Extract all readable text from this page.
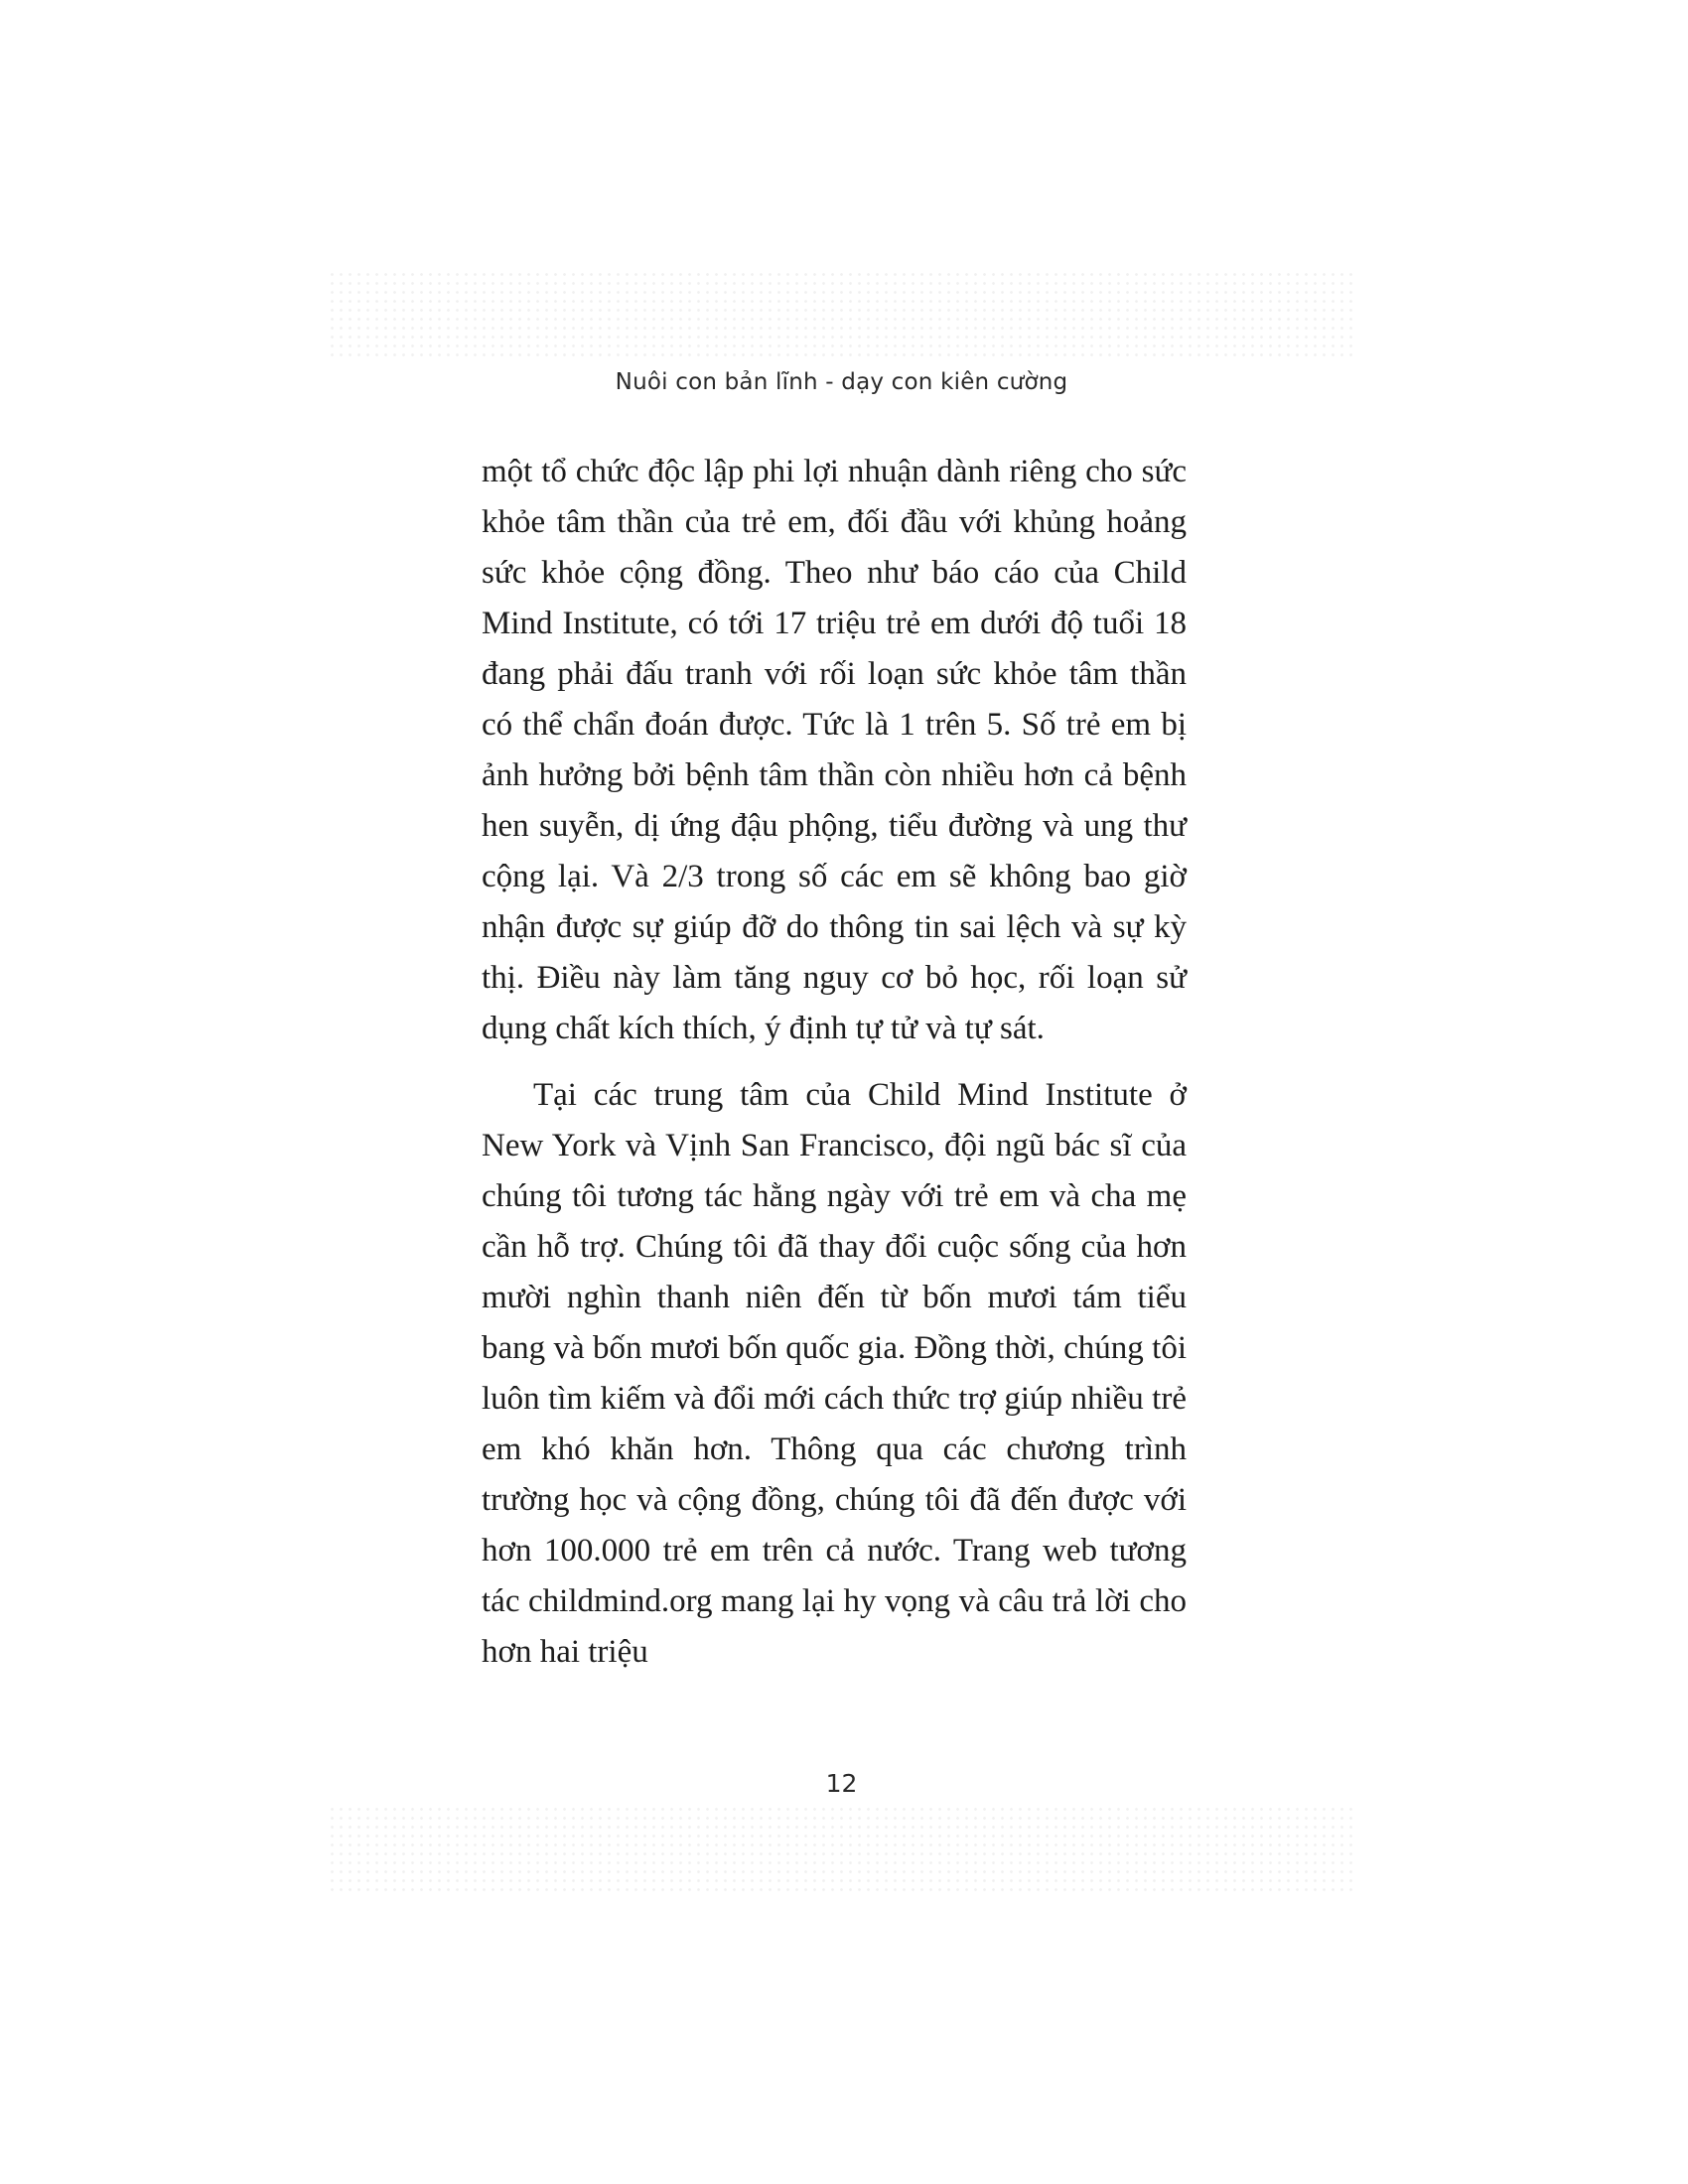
Nuôi con bản lĩnh - dạy con kiên cường

một tổ chức độc lập phi lợi nhuận dành riêng cho sức khỏe tâm thần của trẻ em, đối đầu với khủng hoảng sức khỏe cộng đồng. Theo như báo cáo của Child Mind Institute, có tới 17 triệu trẻ em dưới độ tuổi 18 đang phải đấu tranh với rối loạn sức khỏe tâm thần có thể chẩn đoán được. Tức là 1 trên 5. Số trẻ em bị ảnh hưởng bởi bệnh tâm thần còn nhiều hơn cả bệnh hen suyễn, dị ứng đậu phộng, tiểu đường và ung thư cộng lại. Và 2/3 trong số các em sẽ không bao giờ nhận được sự giúp đỡ do thông tin sai lệch và sự kỳ thị. Điều này làm tăng nguy cơ bỏ học, rối loạn sử dụng chất kích thích, ý định tự tử và tự sát.

Tại các trung tâm của Child Mind Institute ở New York và Vịnh San Francisco, đội ngũ bác sĩ của chúng tôi tương tác hằng ngày với trẻ em và cha mẹ cần hỗ trợ. Chúng tôi đã thay đổi cuộc sống của hơn mười nghìn thanh niên đến từ bốn mươi tám tiểu bang và bốn mươi bốn quốc gia. Đồng thời, chúng tôi luôn tìm kiếm và đổi mới cách thức trợ giúp nhiều trẻ em khó khăn hơn. Thông qua các chương trình trường học và cộng đồng, chúng tôi đã đến được với hơn 100.000 trẻ em trên cả nước. Trang web tương tác childmind.org mang lại hy vọng và câu trả lời cho hơn hai triệu

12
